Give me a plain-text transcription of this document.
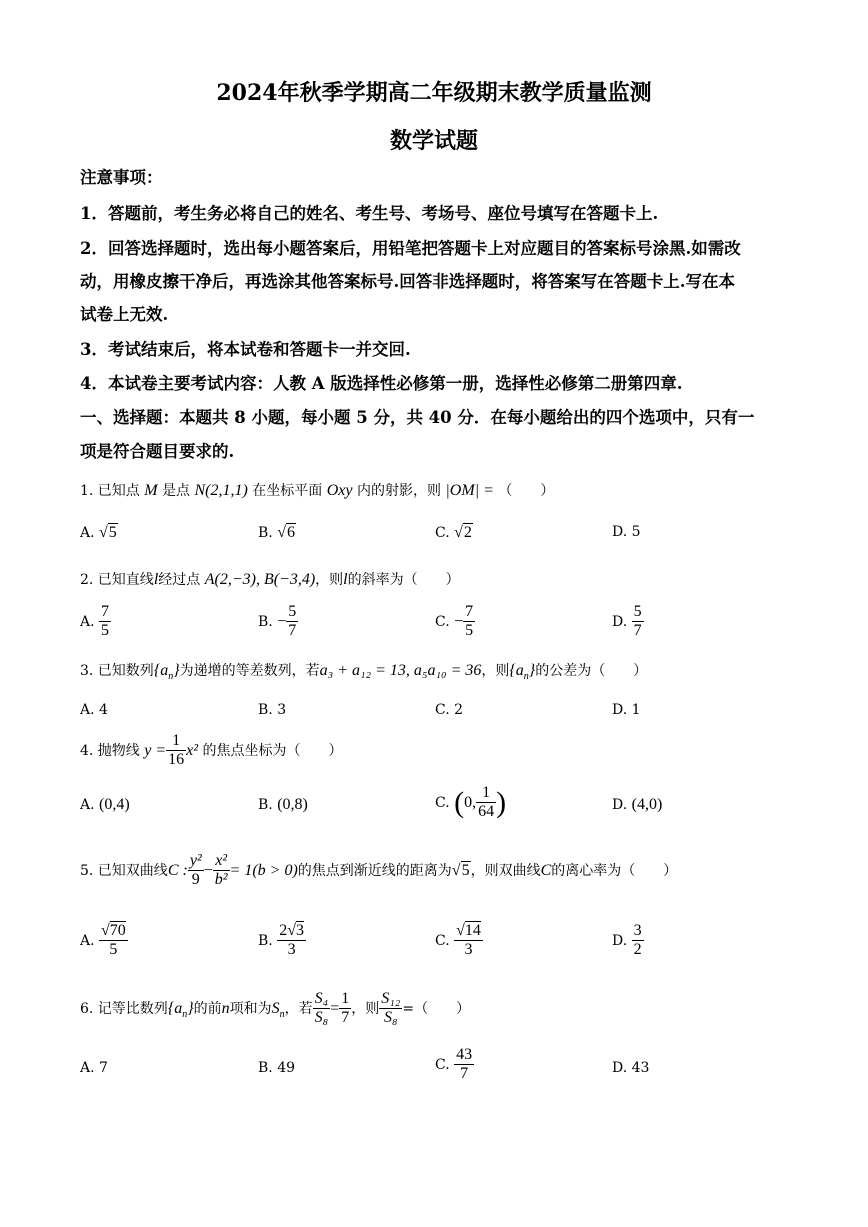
2024年秋季学期高二年级期末教学质量监测
数学试题
注意事项：
1．答题前，考生务必将自己的姓名、考生号、考场号、座位号填写在答题卡上.
2．回答选择题时，选出每小题答案后，用铅笔把答题卡上对应题目的答案标号涂黑.如需改
动，用橡皮擦干净后，再选涂其他答案标号.回答非选择题时，将答案写在答题卡上.写在本
试卷上无效.
3．考试结束后，将本试卷和答题卡一并交回.
4．本试卷主要考试内容：人教 A 版选择性必修第一册，选择性必修第二册第四章.
一、选择题：本题共 8 小题，每小题 5 分，共 40 分．在每小题给出的四个选项中，只有一
项是符合题目要求的.
1. 已知点 M 是点 N(2,1,1) 在坐标平面 Oxy 内的射影，则 |OM| = （　　）
A. √5	B. √6	C. √2	D. 5
2. 已知直线l经过点 A(2,−3), B(−3,4)，则l的斜率为（　　）
A. $\frac{7}{5}$	B. − $\frac{5}{7}$	C. − $\frac{7}{5}$	D. $\frac{5}{7}$
3. 已知数列$\{a_n\}$为递增的等差数列，若a₃ + a₁₂ = 13, a₅a₁₀ = 36，则$\{a_n\}$的公差为（　　）
A. 4	B. 3	C. 2	D. 1
4. 抛物线 $y = \frac{1}{16} x^2$ 的焦点坐标为（　　）
A. (0,4)	B. (0,8)	C. (0, $\frac{1}{64}$ )	D. (4,0)
5. 已知双曲线C : $\frac{\text{y²}}{9} - \frac{\text{x²}}{\text{b²}} = 1(b > 0)$的焦点到渐近线的距离为√5，则双曲线C的离心率为（　　）
A. $\frac{√70}{5}$	B. $\frac{2√3}{3}$	C. $\frac{√14}{3}$	D. $\frac{3}{2}$
6. 记等比数列$\{a_n\}$的前n项和为$S_n$，若 $\frac{\text{S₄}}{\text{S₈}} = \frac{1}{7}$ ，则 $\frac{\text{S₁₂}}{\text{S₈}}$ =（　　）
A. 7	B. 49	C. $\frac{43}{7}$	D. 43
